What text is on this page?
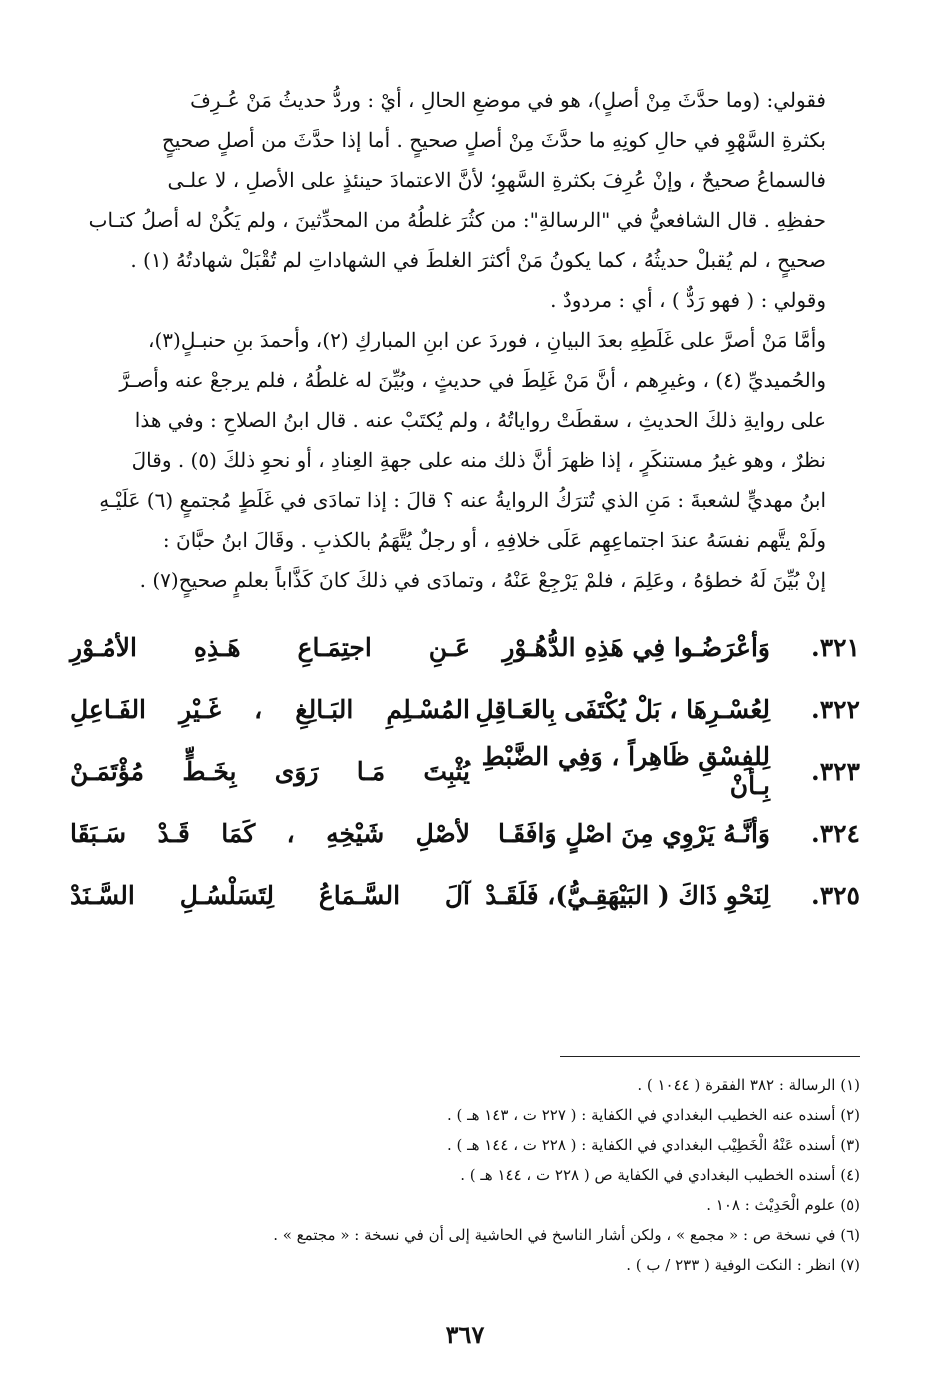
فقولي: (وما حدَّثَ مِنْ أصلٍ)، هو في موضعِ الحالِ ، أيْ : وردُّ حديثُ مَنْ عُـرِفَ
بكثرةِ السَّهْوِ في حالِ كونِهِ ما حدَّثَ مِنْ أصلٍ صحيحٍ . أما إذا حدَّثَ من أصلٍ صحيحٍ
فالسماعُ صحيحٌ ، وإنْ عُرِفَ بكثرةِ السَّهوِ؛ لأنَّ الاعتمادَ حينئذٍ على الأصلِ ، لا علـى
حفظِهِ . قال الشافعيُّ في "الرسالةِ": من كثُرَ غلطُهُ من المحدِّثينَ ، ولم يَكُنْ له أصلُ كتـاب
صحيحٍ ، لم يُقبلْ حديثُهُ ، كما يكونُ مَنْ أكثرَ الغلطَ في الشهاداتِ لم تُقْبَلْ شهادتُهُ (١) .

وقولي : ( فهو رَدٌّ ) ، أي : مردودٌ .

وأمَّا مَنْ أصرَّ على غَلَطِهِ بعدَ البيانِ ، فوردَ عن ابنِ المباركِ (٢)، وأحمدَ بنِ حنبـلٍ(٣)،
والحُميديِّ (٤) ، وغيرِهم ، أنَّ مَنْ غَلِطَ في حديثٍ ، وبُيِّنَ له غلطُهُ ، فلم يرجعْ عنه وأصـرَّ
على روايةِ ذلكَ الحديثِ ، سقطَتْ رواياتُهُ ، ولم يُكتَبْ عنه . قال ابنُ الصلاحِ : وفي هذا
نظرٌ ، وهو غيرُ مستنكَرٍ ، إذا ظهرَ أنَّ ذلك منه على جهةِ العِنادِ ، أو نحوِ ذلكَ (٥) . وقالَ
ابنُ مهديٍّ لشعبةَ : مَنِ الذي تُترَكُ الروايةُ عنه ؟ قالَ : إذا تمادَى في غَلَطٍ مُجتمعٍ (٦) عَلَيْـهِ
ولَمْ يتَّهم نفسَهُ عندَ اجتماعِهِم عَلَى خلافِهِ ، أو رجلٌ يُتَّهَمُ بالكذبِ . وقَالَ ابنُ حبَّانَ :
إنْ بُيِّنَ لَهُ خطؤهُ ، وعَلِمَ ، فلمْ يَرْجِعْ عَنْهُ ، وتمادَى في ذلكَ كانَ كَذَّاباً بعلمٍ صحيحٍ(٧) .

٣٢١.
وَأعْرَضُـوا فِي هَذِهِ الدُّهُـوْرِ
عَـنِ اجتِمَـاعِ هَـذِهِ الأمُـوْرِ
٣٢٢.
لِعُسْـرِهَا ، بَلْ يُكْتَفَى بِالعَـاقِلِ
المُسْـلِمِ البَـالِغِ ، غَـيْرِ الفَـاعِلِ
٣٢٣.
لِلفِسْقِ ظَاهِراً ، وَفِي الضَّبْطِ بِـأنْ
يُثْبِتَ مَـا رَوَى بِخَـطٍّ مُؤْتَمَـنْ
٣٢٤.
وَأنَّـهُ يَرْوِي مِنَ اصْلٍ وَافَقَـا
لأصْلِ شَيْخِهِ ، كَمَا قَـدْ سَـبَقَا
٣٢٥.
لِنَحْوِ ذَاكَ ( البَيْهَقِـيُّ)، فَلَقَـدْ
آلَ السَّـمَاعُ لِتَسَلْسُـلِ السَّـنَدْ
(١) الرسالة : ٣٨٢ الفقرة ( ١٠٤٤ ) .
(٢) أسنده عنه الخطيب البغدادي في الكفاية : ( ٢٢٧ ت ، ١٤٣ هـ ) .
(٣) أسنده عَنْهُ الْخَطِيْب البغدادي في الكفاية : ( ٢٢٨ ت ، ١٤٤ هـ ) .
(٤) أسنده الخطيب البغدادي في الكفاية ص ( ٢٢٨ ت ، ١٤٤ هـ ) .
(٥) علوم الْحَدِيْث : ١٠٨ .
(٦) في نسخة ص : « مجمع » ، ولكن أشار الناسخ في الحاشية إلى أن في نسخة : « مجتمع » .
(٧) انظر : النكت الوفية ( ٢٣٣ / ب ) .
٣٦٧
